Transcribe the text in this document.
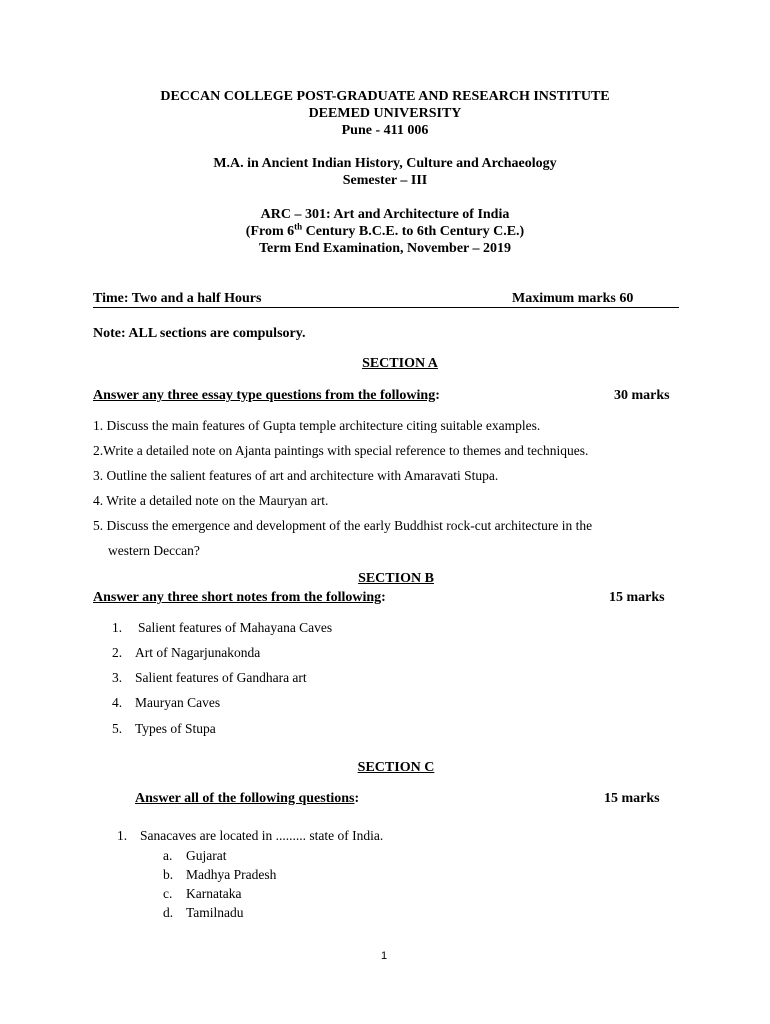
DECCAN COLLEGE POST-GRADUATE AND RESEARCH INSTITUTE
DEEMED UNIVERSITY
Pune - 411 006
M.A. in Ancient Indian History, Culture and Archaeology
Semester – III
ARC – 301: Art and Architecture of India
(From 6th Century B.C.E. to 6th Century C.E.)
Term End Examination, November – 2019
Time: Two and a half Hours	Maximum marks 60
Note: ALL sections are compulsory.
SECTION A
Answer any three essay type questions from the following:	30 marks
1. Discuss the main features of Gupta temple architecture citing suitable examples.
2.Write a detailed note on Ajanta paintings with special reference to themes and techniques.
3. Outline the salient features of art and architecture with Amaravati Stupa.
4. Write a detailed note on the Mauryan art.
5. Discuss the emergence and development of the early Buddhist rock-cut architecture in the
western Deccan?
SECTION B
Answer any three short notes from the following:	15 marks
1. Salient features of Mahayana Caves
2. Art of Nagarjunakonda
3. Salient features of Gandhara art
4. Mauryan Caves
5. Types of Stupa
SECTION C
Answer all of the following questions:	15 marks
1. Sanacaves are located in ......... state of India.
a. Gujarat
b. Madhya Pradesh
c. Karnataka
d. Tamilnadu
1
